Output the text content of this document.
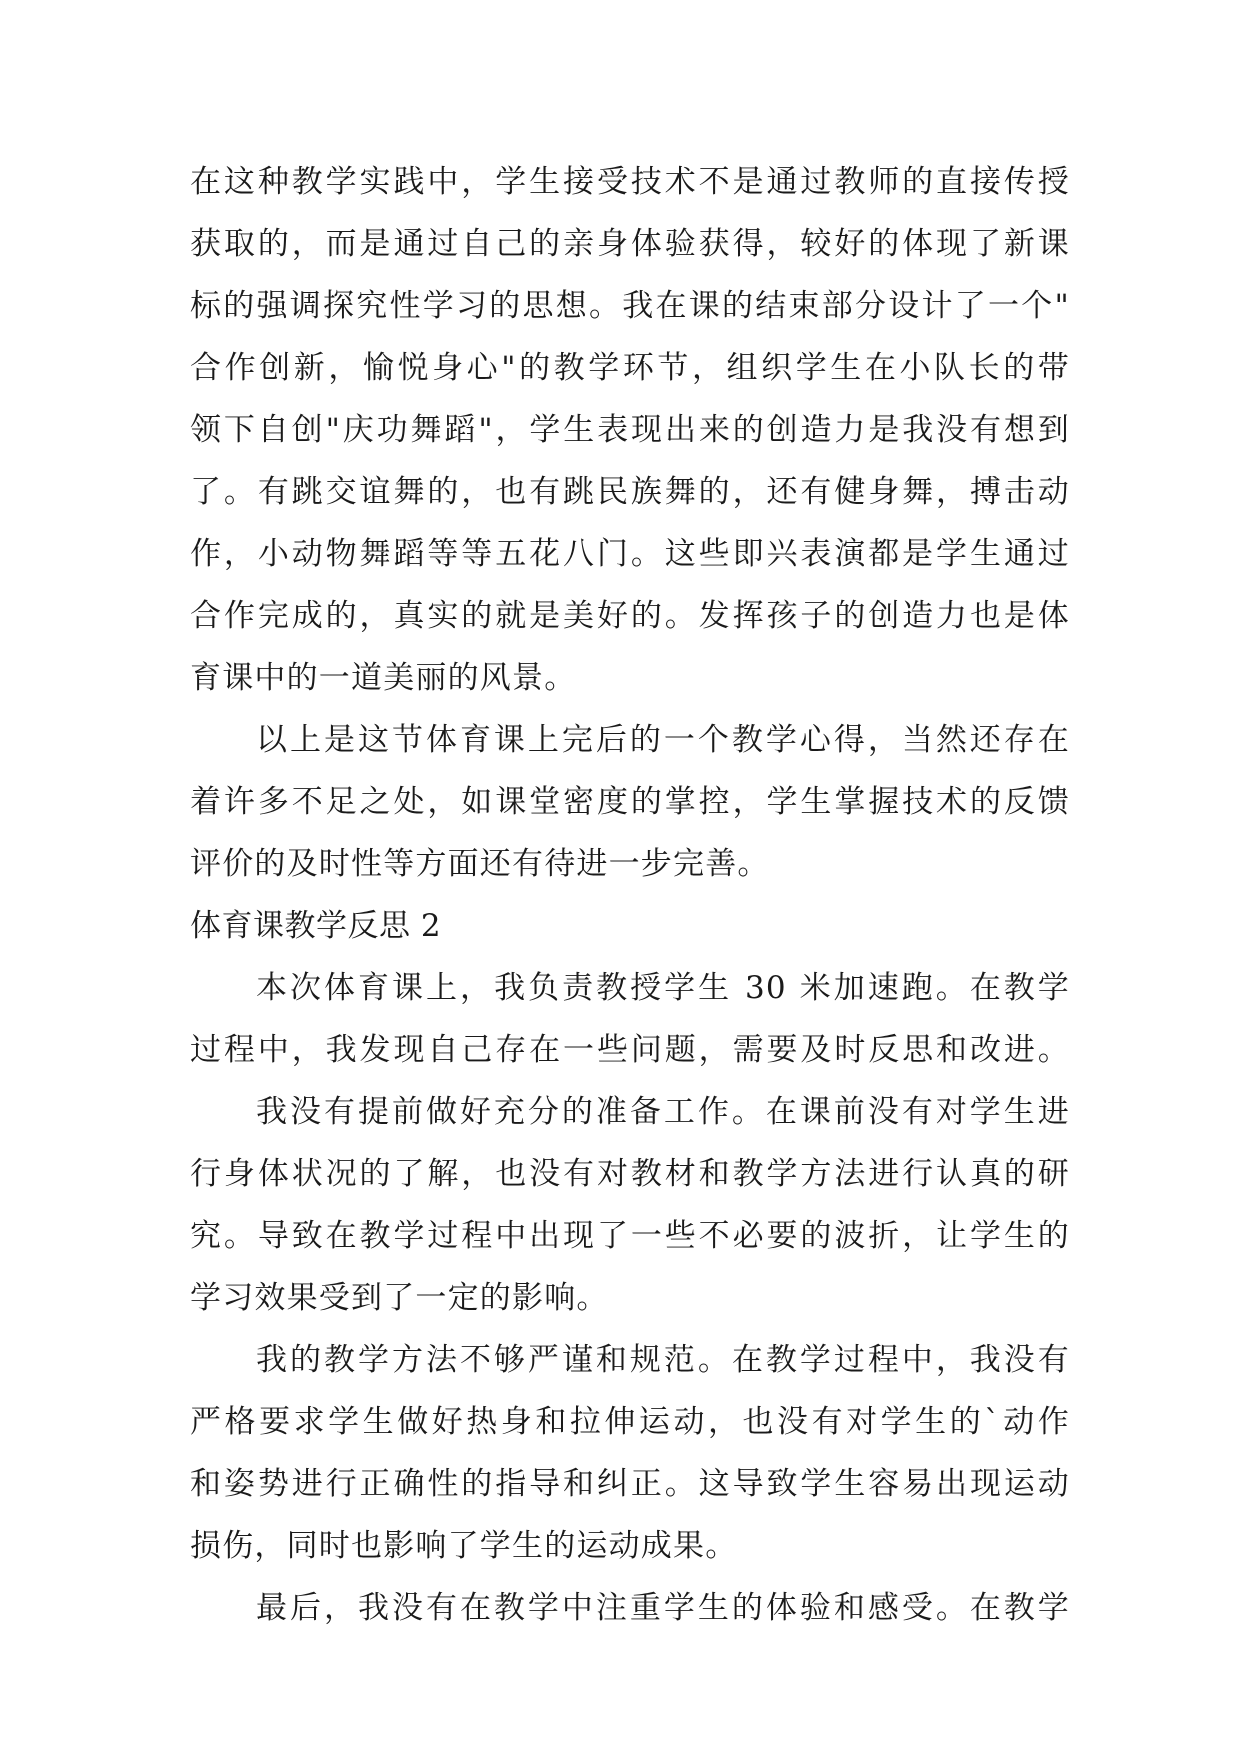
在这种教学实践中，学生接受技术不是通过教师的直接传授
获取的，而是通过自己的亲身体验获得，较好的体现了新课
标的强调探究性学习的思想。我在课的结束部分设计了一个"
合作创新，愉悦身心"的教学环节，组织学生在小队长的带
领下自创"庆功舞蹈"，学生表现出来的创造力是我没有想到
了。有跳交谊舞的，也有跳民族舞的，还有健身舞，搏击动
作，小动物舞蹈等等五花八门。这些即兴表演都是学生通过
合作完成的，真实的就是美好的。发挥孩子的创造力也是体
育课中的一道美丽的风景。
以上是这节体育课上完后的一个教学心得，当然还存在
着许多不足之处，如课堂密度的掌控，学生掌握技术的反馈
评价的及时性等方面还有待进一步完善。
体育课教学反思 2
本次体育课上，我负责教授学生 30 米加速跑。在教学
过程中，我发现自己存在一些问题，需要及时反思和改进。
我没有提前做好充分的准备工作。在课前没有对学生进
行身体状况的了解，也没有对教材和教学方法进行认真的研
究。导致在教学过程中出现了一些不必要的波折，让学生的
学习效果受到了一定的影响。
我的教学方法不够严谨和规范。在教学过程中，我没有
严格要求学生做好热身和拉伸运动，也没有对学生的`动作
和姿势进行正确性的指导和纠正。这导致学生容易出现运动
损伤，同时也影响了学生的运动成果。
最后，我没有在教学中注重学生的体验和感受。在教学
